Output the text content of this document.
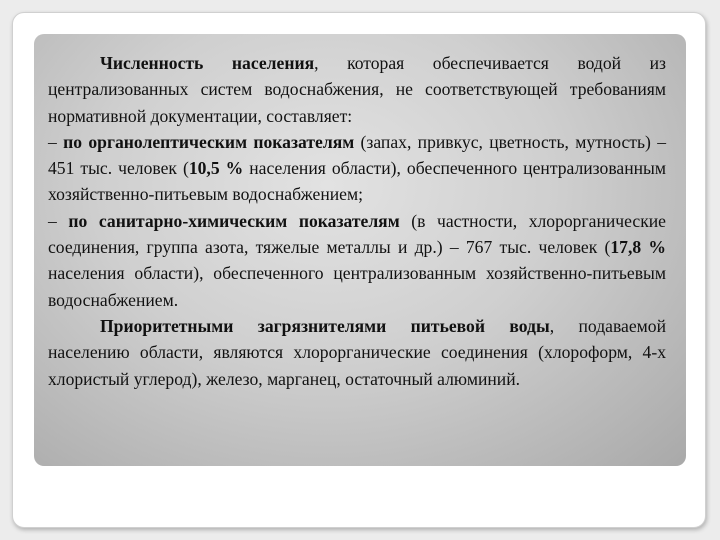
Численность населения, которая обеспечивается водой из централизованных систем водоснабжения, не соответствующей требованиям нормативной документации, составляет:

– по органолептическим показателям (запах, привкус, цветность, мутность) – 451 тыс. человек (10,5 % населения области), обеспеченного централизованным хозяйственно-питьевым водоснабжением;

– по санитарно-химическим показателям (в частности, хлорорганические соединения, группа азота, тяжелые металлы и др.) – 767 тыс. человек (17,8 % населения области), обеспеченного централизованным хозяйственно-питьевым водоснабжением.

Приоритетными загрязнителями питьевой воды, подаваемой населению области, являются хлорорганические соединения (хлороформ, 4-х хлористый углерод), железо, марганец, остаточный алюминий.
